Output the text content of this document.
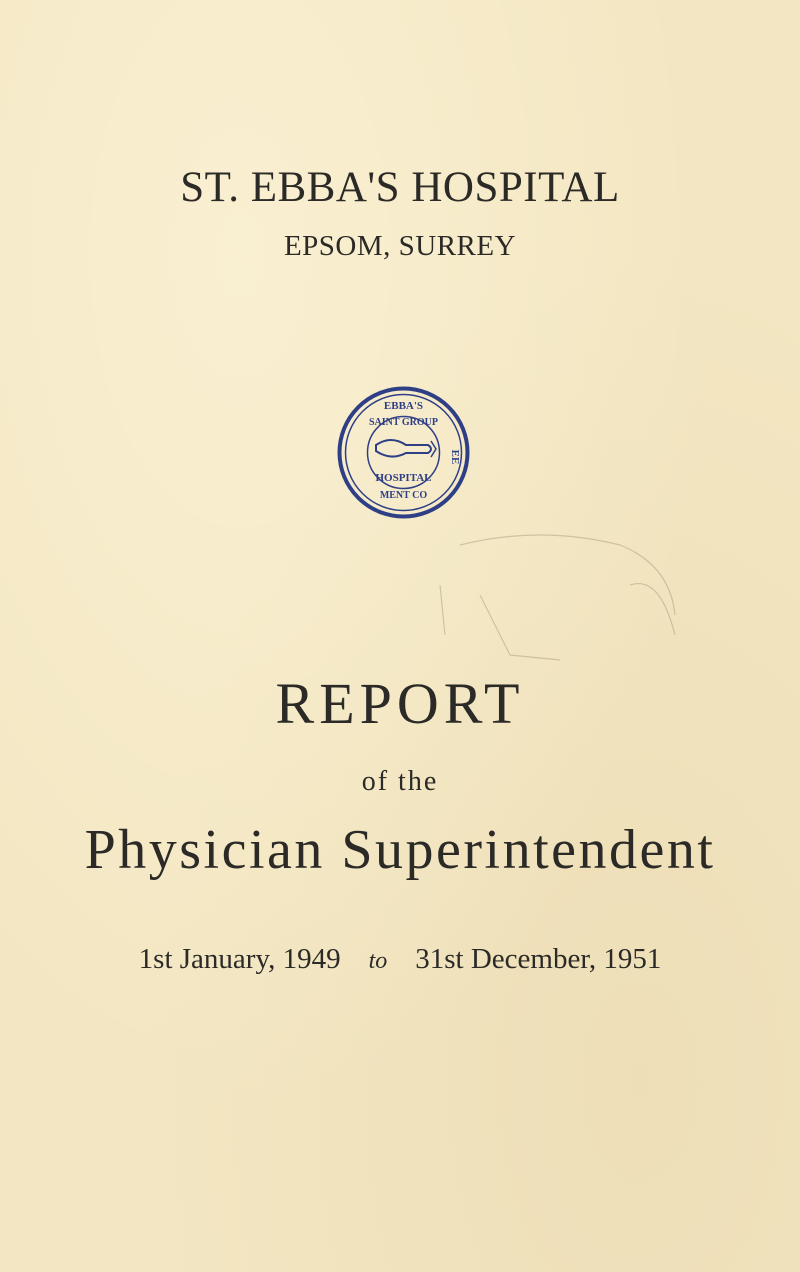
ST. EBBA'S HOSPITAL
EPSOM, SURREY
EBBA'S
SAINT GROUP
EE
HOSPITAL
MENT CO
REPORT
of the
Physician Superintendent
1st January, 1949 to 31st December, 1951
